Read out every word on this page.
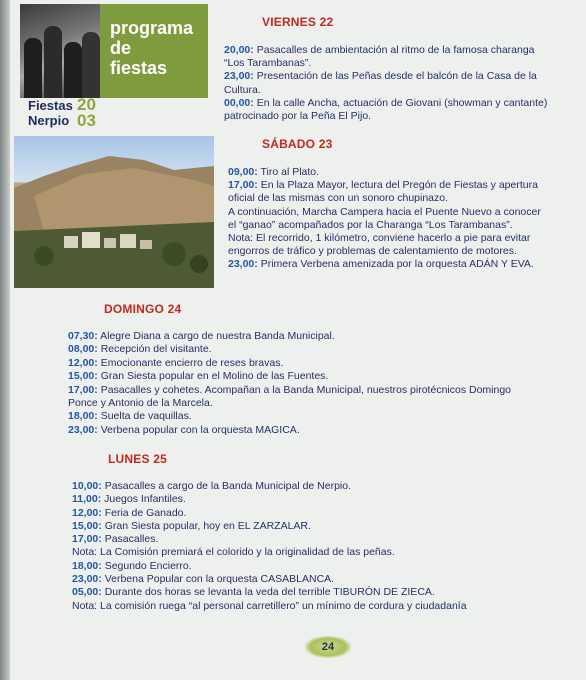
programa
de
fiestas
Fiestas
Nerpio
20
03
VIERNES 22
20,00: Pasacalles de ambientación al ritmo de la famosa charanga
“Los Tarambanas”.
23,00: Presentación de las Peñas desde el balcón de la Casa de la
Cultura.
00,00: En la calle Ancha, actuación de Giovani (showman y cantante)
patrocinado por la Peña El Pijo.
SÁBADO 23
09,00: Tiro al Plato.
17,00: En la Plaza Mayor, lectura del Pregón de Fiestas y apertura
oficial de las mismas con un sonoro chupinazo.
A continuación, Marcha Campera hacia el Puente Nuevo a conocer
el “ganao” acompañados por la Charanga “Los Tarambanas”.
Nota: El recorrido, 1 kilómetro, conviene hacerlo a pie para evitar
engorros de tráfico y problemas de calentamiento de motores.
23,00: Primera Verbena amenizada por la orquesta ADÁN Y EVA.
DOMINGO 24
07,30: Alegre Diana a cargo de nuestra Banda Municipal.
08,00: Recepción del visitante.
12,00: Emocionante encierro de reses bravas.
15,00: Gran Siesta popular en el Molino de las Fuentes.
17,00: Pasacalles y cohetes. Acompañan a la Banda Municipal, nuestros pirotécnicos Domingo
Ponce y Antonio de la Marcela.
18,00: Suelta de vaquillas.
23,00: Verbena popular con la orquesta MAGICA.
LUNES 25
10,00: Pasacalles a cargo de la Banda Municipal de Nerpio.
11,00: Juegos Infantiles.
12,00: Feria de Ganado.
15,00: Gran Siesta popular, hoy en EL ZARZALAR.
17,00: Pasacalles.
Nota: La Comisión premiará el colorido y la originalidad de las peñas.
18,00: Segundo Encierro.
23,00: Verbena Popular con la orquesta CASABLANCA.
05,00: Durante dos horas se levanta la veda del terrible TIBURÓN DE ZIECA.
Nota: La comisión ruega “al personal carretillero” un mínimo de cordura y ciudadanía
24
